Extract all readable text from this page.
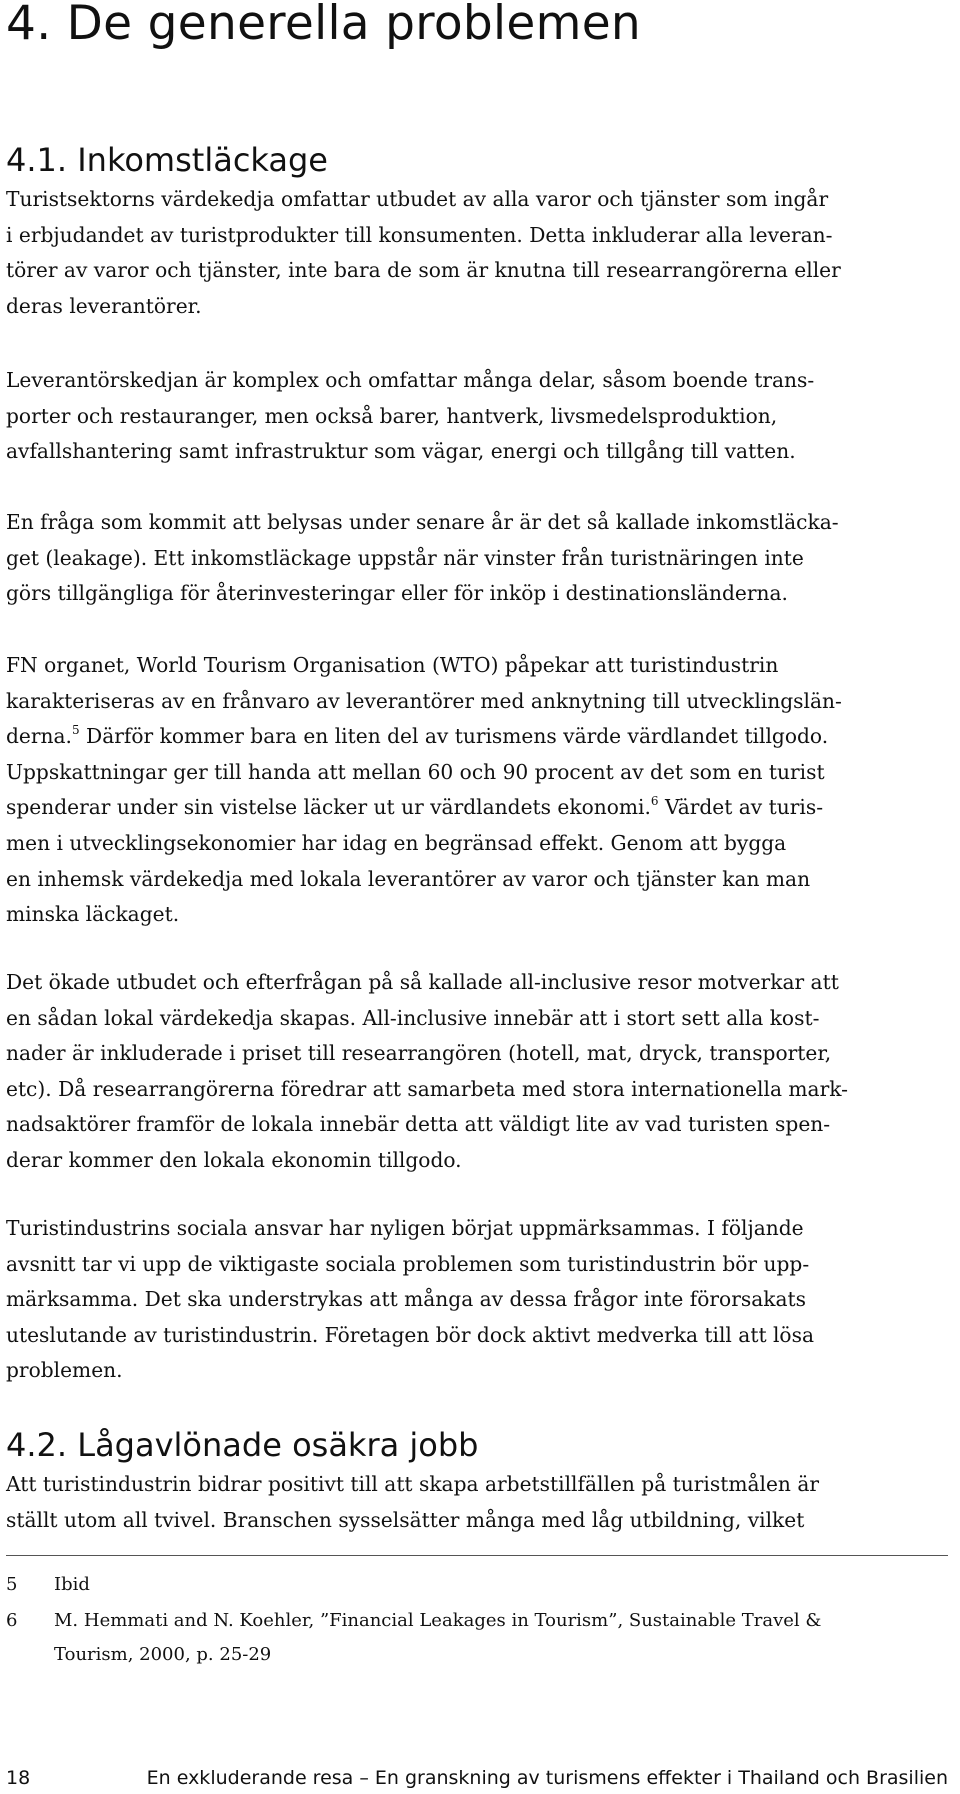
4. De generella problemen
4.1. Inkomstläckage

Turistsektorns värdekedja omfattar utbudet av alla varor och tjänster som ingår
i erbjudandet av turistprodukter till konsumenten. Detta inkluderar alla leveran-
törer av varor och tjänster, inte bara de som är knutna till researrangörerna eller
deras leverantörer.

Leverantörskedjan är komplex och omfattar många delar, såsom boende trans-
porter och restauranger, men också barer, hantverk, livsmedelsproduktion,
avfallshantering samt infrastruktur som vägar, energi och tillgång till vatten.

En fråga som kommit att belysas under senare år är det så kallade inkomstläcka-
get (leakage). Ett inkomstläckage uppstår när vinster från turistnäringen inte
görs tillgängliga för återinvesteringar eller för inköp i destinationsländerna.

FN organet, World Tourism Organisation (WTO) påpekar att turistindustrin
karakteriseras av en frånvaro av leverantörer med anknytning till utvecklingslän-
derna.$^5$ Därför kommer bara en liten del av turismens värde värdlandet tillgodo.
Uppskattningar ger till handa att mellan 60 och 90 procent av det som en turist
spenderar under sin vistelse läcker ut ur värdlandets ekonomi.$^6$ Värdet av turis-
men i utvecklingsekonomier har idag en begränsad effekt. Genom att bygga
en inhemsk värdekedja med lokala leverantörer av varor och tjänster kan man
minska läckaget.

Det ökade utbudet och efterfrågan på så kallade all-inclusive resor motverkar att
en sådan lokal värdekedja skapas. All-inclusive innebär att i stort sett alla kost-
nader är inkluderade i priset till researrangören (hotell, mat, dryck, transporter,
etc). Då researrangörerna föredrar att samarbeta med stora internationella mark-
nadsaktörer framför de lokala innebär detta att väldigt lite av vad turisten spen-
derar kommer den lokala ekonomin tillgodo.

Turistindustrins sociala ansvar har nyligen börjat uppmärksammas. I följande
avsnitt tar vi upp de viktigaste sociala problemen som turistindustrin bör upp-
märksamma. Det ska understrykas att många av dessa frågor inte förorsakats
uteslutande av turistindustrin. Företagen bör dock aktivt medverka till att lösa
problemen.

4.2. Lågavlönade osäkra jobb

Att turistindustrin bidrar positivt till att skapa arbetstillfällen på turistmålen är
ställt utom all tvivel. Branschen sysselsätter många med låg utbildning, vilket

5	Ibid
6	M. Hemmati and N. Koehler, ”Financial Leakages in Tourism”, Sustainable Travel &
Tourism, 2000, p. 25-29
18	En exkluderande resa – En granskning av turismens effekter i Thailand och Brasilien
